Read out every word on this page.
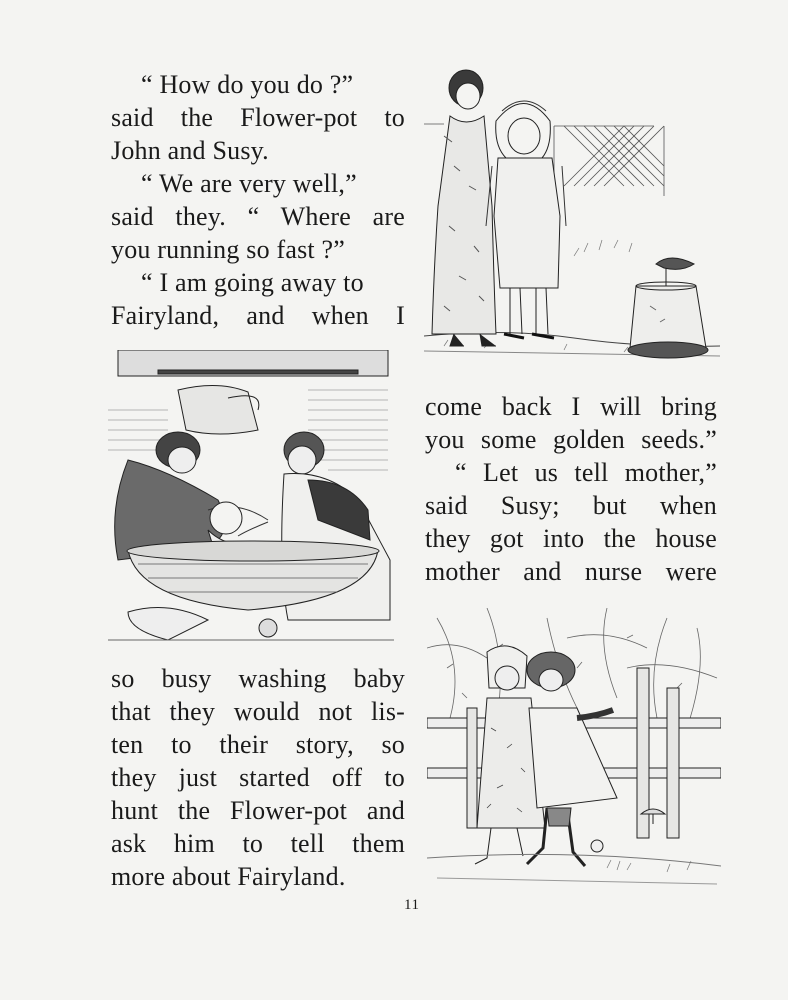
“ How do you do ?”
said the Flower-pot to
John and Susy.
“ We are very well,”
said they. “ Where are
you running so fast ?”
“ I am going away to
Fairyland, and when I
come back I will bring
you some golden seeds.”
“ Let us tell mother,”
said Susy; but when
they got into the house
mother and nurse were
so busy washing baby
that they would not lis-
ten to their story, so
they just started off to
hunt the Flower-pot and
ask him to tell them
more about Fairyland.
11
